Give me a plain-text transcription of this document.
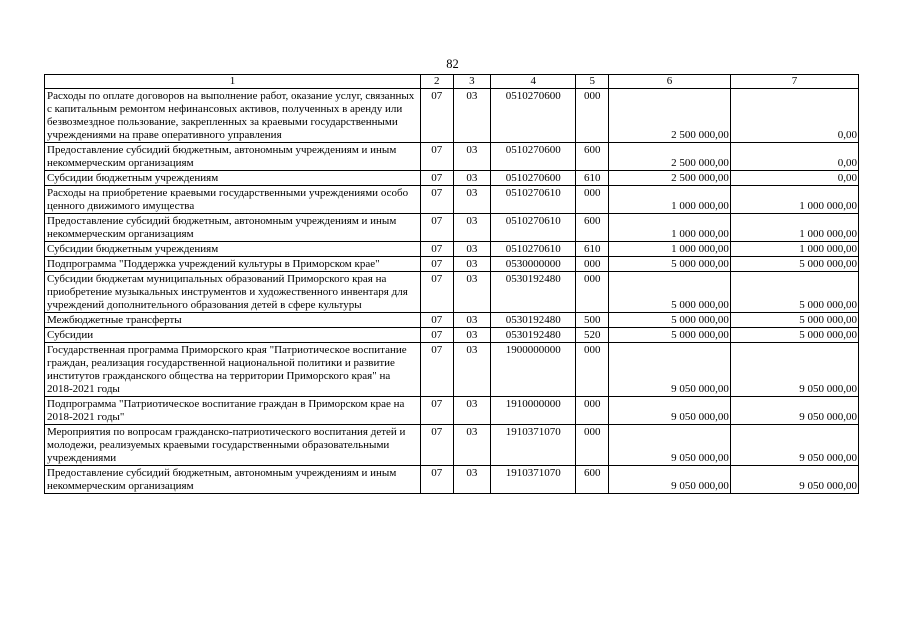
82
1	2	3	4	5	6	7
Расходы по оплате договоров на выполнение работ, оказание услуг, связанных с капитальным ремонтом нефинансовых активов, полученных в аренду или безвозмездное пользование, закрепленных за краевыми государственными учреждениями на праве оперативного управления	07	03	0510270600	000	2 500 000,00	0,00
Предоставление субсидий бюджетным, автономным учреждениям и иным некоммерческим организациям	07	03	0510270600	600	2 500 000,00	0,00
Субсидии бюджетным учреждениям	07	03	0510270600	610	2 500 000,00	0,00
Расходы на приобретение краевыми государственными учреждениями особо ценного движимого имущества	07	03	0510270610	000	1 000 000,00	1 000 000,00
Предоставление субсидий бюджетным, автономным учреждениям и иным некоммерческим организациям	07	03	0510270610	600	1 000 000,00	1 000 000,00
Субсидии бюджетным учреждениям	07	03	0510270610	610	1 000 000,00	1 000 000,00
Подпрограмма "Поддержка учреждений культуры в Приморском крае"	07	03	0530000000	000	5 000 000,00	5 000 000,00
Субсидии бюджетам муниципальных образований Приморского края на приобретение музыкальных инструментов и художественного инвентаря для учреждений дополнительного образования детей в сфере культуры	07	03	0530192480	000	5 000 000,00	5 000 000,00
Межбюджетные трансферты	07	03	0530192480	500	5 000 000,00	5 000 000,00
Субсидии	07	03	0530192480	520	5 000 000,00	5 000 000,00
Государственная программа Приморского края "Патриотическое воспитание граждан, реализация государственной национальной политики и развитие институтов гражданского общества на территории Приморского края" на 2018-2021 годы	07	03	1900000000	000	9 050 000,00	9 050 000,00
Подпрограмма "Патриотическое воспитание граждан в Приморском крае на 2018-2021 годы"	07	03	1910000000	000	9 050 000,00	9 050 000,00
Мероприятия по вопросам гражданско-патриотического воспитания детей и молодежи, реализуемых краевыми государственными образовательными учреждениями	07	03	1910371070	000	9 050 000,00	9 050 000,00
Предоставление субсидий бюджетным, автономным учреждениям и иным некоммерческим организациям	07	03	1910371070	600	9 050 000,00	9 050 000,00
